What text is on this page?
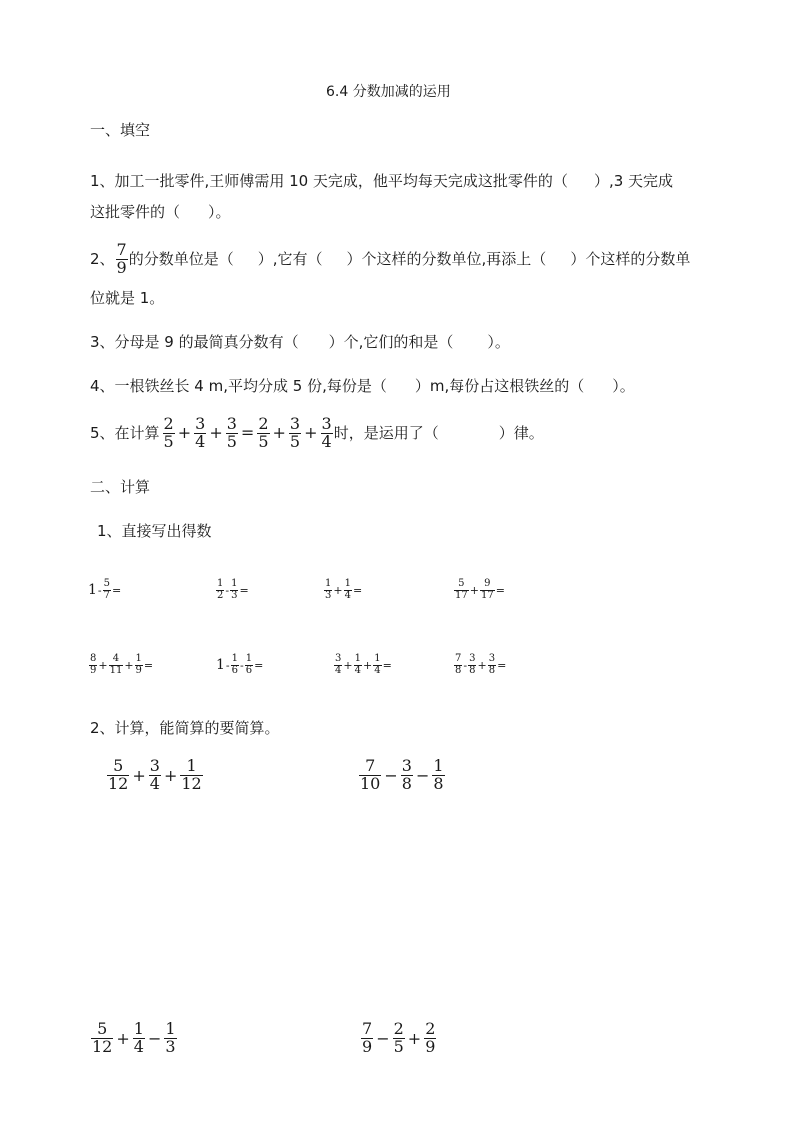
6.4 分数加减的运用
一、填空
1、加工一批零件,王师傅需用 10 天完成，他平均每天完成这批零件的（ ）,3 天完成
这批零件的（ ）。
2、 $\frac{7}{9}$ 的分数单位是（ ）,它有（ ）个这样的分数单位,再添上（ ）个这样的分数单
位就是 1。
3、分母是 9 的最简真分数有（ ）个,它们的和是（ ）。
4、一根铁丝长 4 m,平均分成 5 份,每份是（ ）m,每份占这根铁丝的（ ）。
5、在计算 $\frac{2}{5} + \frac{3}{4} + \frac{3}{5} = \frac{2}{5} + \frac{3}{5} + \frac{3}{4}$ 时，是运用了（	）律。
二、计算
1、直接写出得数
$1 - \frac{5}{7}$ =	$\frac{1}{2} - \frac{1}{3}$ =	$\frac{1}{3} + \frac{1}{4}$ =	$\frac{5}{17} + \frac{9}{17}$ =
$\frac{8}{9} + \frac{4}{11} + \frac{1}{9}$ =	$1 - \frac{1}{6} - \frac{1}{6}$ =	$\frac{3}{4} + \frac{1}{4} + \frac{1}{4}$ =	$\frac{7}{8} - \frac{3}{8} + \frac{3}{8}$ =
2、计算，能简算的要简算。
$\frac{5}{12} + \frac{3}{4} + \frac{1}{12}$	$\frac{7}{10} - \frac{3}{8} - \frac{1}{8}$
$\frac{5}{12} + \frac{1}{4} - \frac{1}{3}$	$\frac{7}{9} - \frac{2}{5} + \frac{2}{9}$
